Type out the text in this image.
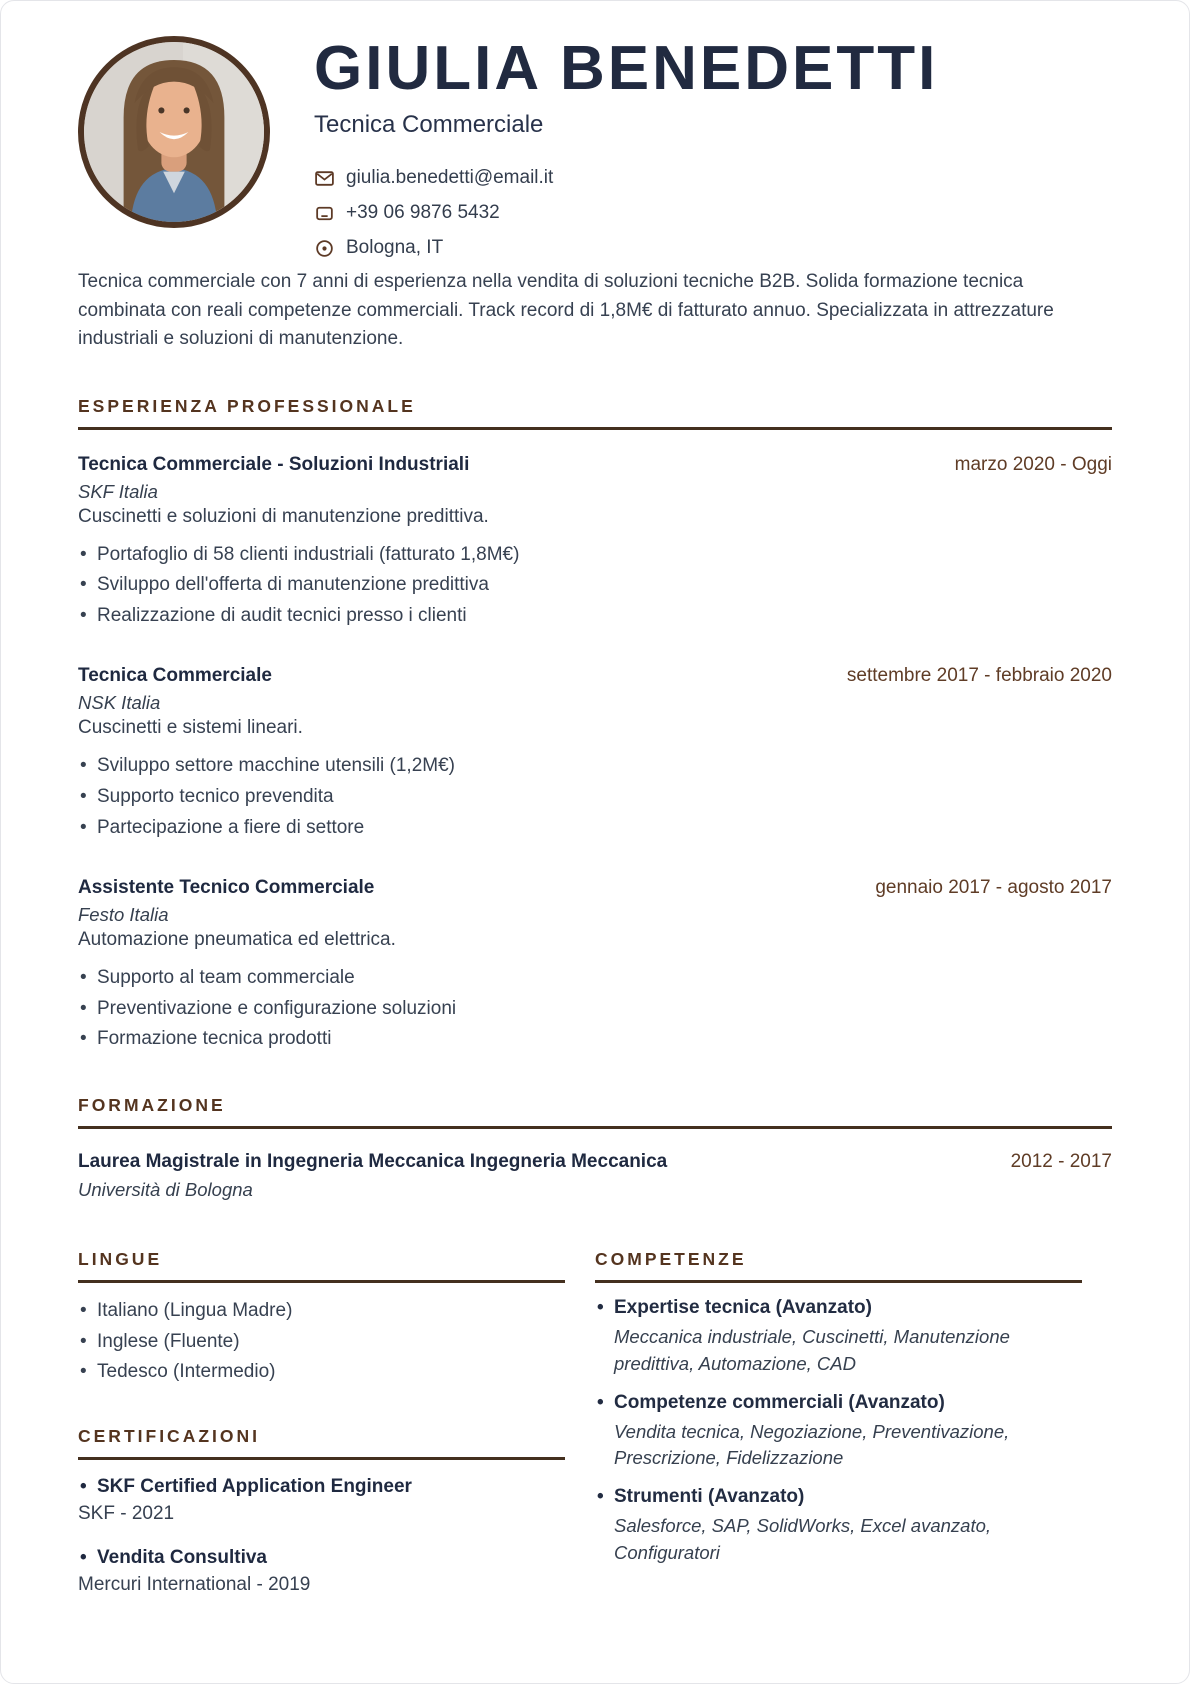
GIULIA BENEDETTI
Tecnica Commerciale
giulia.benedetti@email.it
+39 06 9876 5432
Bologna, IT

Tecnica commerciale con 7 anni di esperienza nella vendita di soluzioni tecniche B2B. Solida formazione tecnica combinata con reali competenze commerciali. Track record di 1,8M€ di fatturato annuo. Specializzata in attrezzature industriali e soluzioni di manutenzione.

ESPERIENZA PROFESSIONALE
Tecnica Commerciale - Soluzioni Industriali	marzo 2020 - Oggi
SKF Italia
Cuscinetti e soluzioni di manutenzione predittiva.
• Portafoglio di 58 clienti industriali (fatturato 1,8M€)
• Sviluppo dell'offerta di manutenzione predittiva
• Realizzazione di audit tecnici presso i clienti
Tecnica Commerciale	settembre 2017 - febbraio 2020
NSK Italia
Cuscinetti e sistemi lineari.
• Sviluppo settore macchine utensili (1,2M€)
• Supporto tecnico prevendita
• Partecipazione a fiere di settore
Assistente Tecnico Commerciale	gennaio 2017 - agosto 2017
Festo Italia
Automazione pneumatica ed elettrica.
• Supporto al team commerciale
• Preventivazione e configurazione soluzioni
• Formazione tecnica prodotti
FORMAZIONE
Laurea Magistrale in Ingegneria Meccanica Ingegneria Meccanica	2012 - 2017
Università di Bologna
LINGUE
• Italiano (Lingua Madre)
• Inglese (Fluente)
• Tedesco (Intermedio)
CERTIFICAZIONI
• SKF Certified Application Engineer
SKF - 2021
• Vendita Consultiva
Mercuri International - 2019
COMPETENZE
• Expertise tecnica (Avanzato)
Meccanica industriale, Cuscinetti, Manutenzione predittiva, Automazione, CAD
• Competenze commerciali (Avanzato)
Vendita tecnica, Negoziazione, Preventivazione, Prescrizione, Fidelizzazione
• Strumenti (Avanzato)
Salesforce, SAP, SolidWorks, Excel avanzato, Configuratori
